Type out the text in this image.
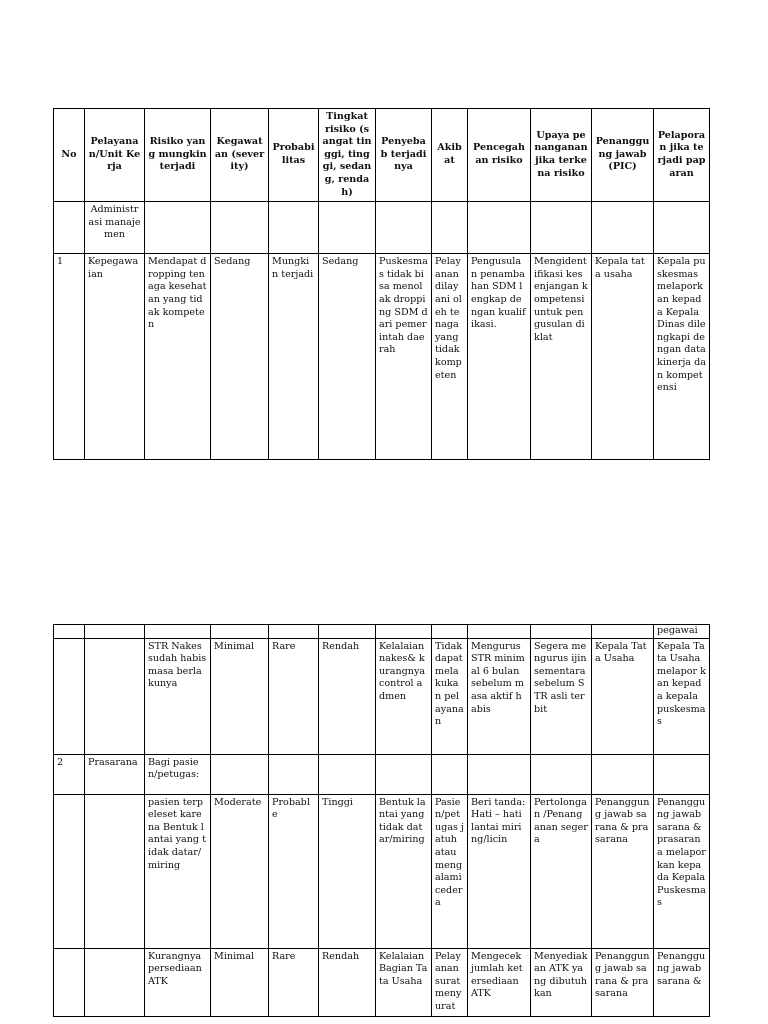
No	Pelayanan/Unit Kerja	Risiko yang mungkin terjadi	Kegawatan (severity)	Probabilitas	Tingkat risiko (sangat tinggi, tinggi, sedang, rendah)	Penyebab terjadinya	Akibat	Pencegahan risiko	Upaya penanganan jika terkena risiko	Penanggung jawab (PIC)	Pelaporan jika terjadi paparan
	Administrasi manajemen										
1	Kepegawaian	Mendapat dropping tenaga kesehatan yang tidak kompeten	Sedang	Mungkin terjadi	Sedang	Puskesmas tidak bisa menolak dropping SDM dari pemerintah daerah	Pelayanan dilayani oleh tenaga yang tidak kompeten	Pengusulan penambahan SDM lengkap dengan kualifikasi.	Mengidentifikasi kesenjangan kompetensi untuk pengusulan diklat	Kepala tata usaha	Kepala puskesmas melaporkan kepada Kepala Dinas dilengkapi dengan data kinerja dan kompetensi
											pegawai
		STR Nakes sudah habis masa berlakunya	Minimal	Rare	Rendah	Kelalaian nakes& kurangnya control admen	Tidak dapat melakukan pelayanan	Mengurus STR minimal 6 bulan sebelum masa aktif habis	Segera mengurus ijin sementara sebelum STR asli terbit	Kepala Tata Usaha	Kepala Tata Usaha melapor kan kepada kepala puskesmas
2	Prasarana	Bagi pasien/petugas:									
		pasien terpeleset karena Bentuk lantai yang tidak datar/miring	Moderate	Probable	Tinggi	Bentuk lantai yang tidak datar/miring	Pasien/petugas jatuh atau mengalami cedera	Beri tanda: Hati – hati lantai miring/licin	Pertolongan /Penanganan segera	Penanggung jawab sarana & prasarana	Penanggung jawab sarana & prasarana melapor kan kepada Kepala Puskesmas
		Kurangnya persediaan ATK	Minimal	Rare	Rendah	Kelalaian Bagian Tata Usaha	Pelayanan surat menyurat	Mengecek jumlah ketersediaan ATK	Menyediakan ATK yang dibutuhkan	Penanggung jawab sarana & prasarana	Penanggung jawab sarana &
